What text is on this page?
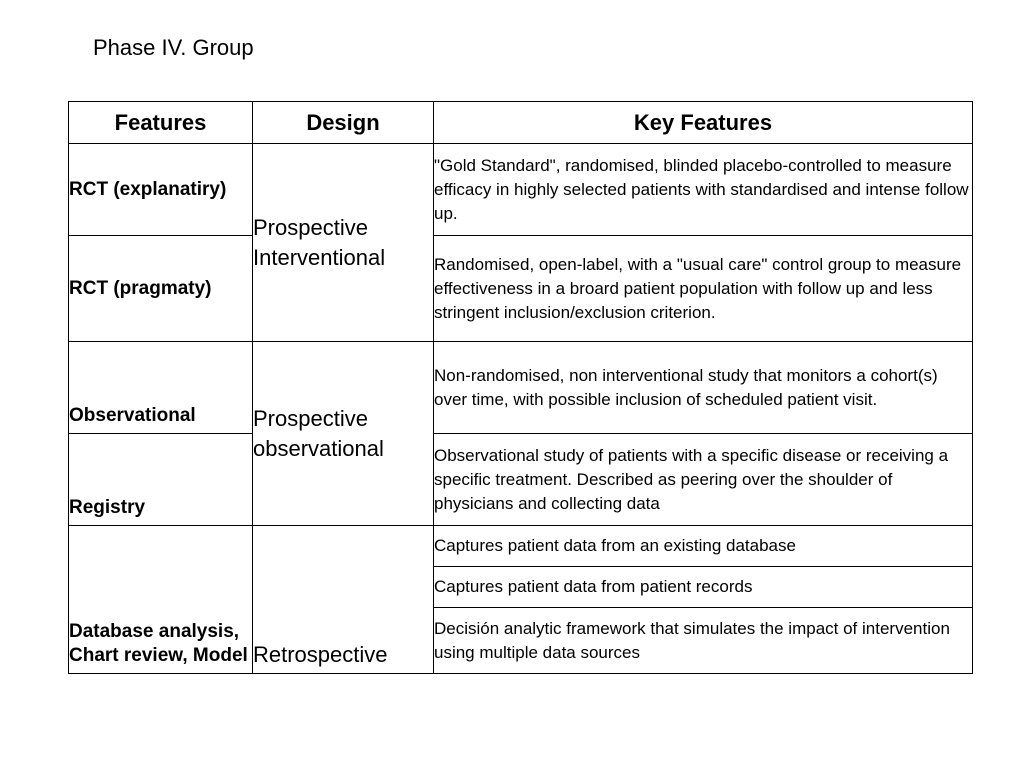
Phase IV. Group
Features	Design	Key Features
RCT (explanatiry)	Prospective Interventional	"Gold Standard", randomised, blinded placebo-controlled to measure efficacy in highly selected patients with standardised and intense follow up.
RCT (pragmaty)		Randomised, open-label, with a "usual care" control group to measure effectiveness in a broard patient population with follow up and less stringent inclusion/exclusion criterion.
Observational	Prospective observational	Non-randomised, non interventional study that monitors a cohort(s) over time, with possible inclusion of scheduled patient visit.
Registry		Observational study of patients with a specific disease or receiving a specific treatment. Described as peering over the shoulder of physicians and collecting data
Database analysis, Chart review, Model	Retrospective	Captures patient data from an existing database
		Captures patient data from patient records
		Decisión analytic framework that simulates the impact of intervention using multiple data sources
